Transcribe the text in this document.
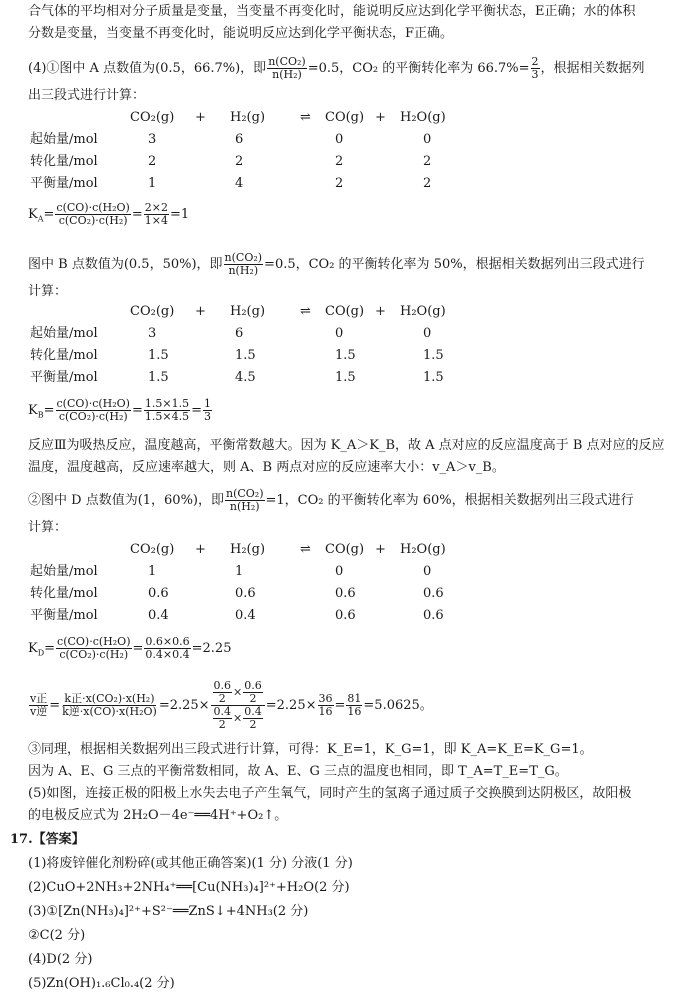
合气体的平均相对分子质量是变量，当变量不再变化时，能说明反应达到化学平衡状态，E正确；水的体积
分数是变量，当变量不再变化时，能说明反应达到化学平衡状态，F正确。
(4)①图中 A 点数值为(0.5，66.7%)，即 $\frac{\text{n(CO₂)}}{\text{n(H₂)}} =0.5$，CO₂ 的平衡转化率为 $66.7\%= \frac{2}{3}$ ，根据相关数据列
出三段式进行计算：
CO₂(g) + H₂(g)	⇌ CO(g) + H₂O(g)
起始量/mol	3	6	0	0
转化量/mol	2	2	2	2
平衡量/mol	1	4	2	2
$K_A= \frac{\text{c(CO)·c(H₂O)}}{\text{c(CO₂)·c(H₂)}} = \frac{2\times 2}{1\times 4} =1$
图中 B 点数值为(0.5，50%)，即 $\frac{\text{n(CO₂)}}{\text{n(H₂)}} =0.5$，CO₂ 的平衡转化率为 50%，根据相关数据列出三段式进行
计算：
CO₂(g) + H₂(g)	⇌ CO(g) + H₂O(g)
起始量/mol	3	6	0	0
转化量/mol	1.5	1.5	1.5	1.5
平衡量/mol	1.5	4.5	1.5	1.5
$K_B= \frac{\text{c(CO)·c(H₂O)}}{\text{c(CO₂)·c(H₂)}} = \frac{1.5\times 1.5}{1.5\times 4.5} = \frac{1}{3}$
反应Ⅲ为吸热反应，温度越高，平衡常数越大。因为 K_A＞K_B，故 A 点对应的反应温度高于 B 点对应的反应
温度，温度越高，反应速率越大，则 A、B 两点对应的反应速率大小：v_A＞v_B。
②图中 D 点数值为(1，60%)，即 $\frac{\text{n(CO₂)}}{\text{n(H₂)}} =1$，CO₂ 的平衡转化率为 60%，根据相关数据列出三段式进行
计算：
CO₂(g) + H₂(g)	⇌ CO(g) + H₂O(g)
起始量/mol	1	1	0	0
转化量/mol	0.6	0.6	0.6	0.6
平衡量/mol	0.4	0.4	0.6	0.6
$K_D= \frac{\text{c(CO)·c(H₂O)}}{\text{c(CO₂)·c(H₂)}} = \frac{0.6\times 0.6}{0.4\times 0.4} =2.25$
$\frac{\text{v正}}{\text{v逆}} = \frac{\text{k正·x(CO₂)·x(H₂)}}{\text{k逆·x(CO)·x(H₂O)}} =2.25\times \frac{\frac{0.6}{2} \times \frac{0.6}{2}}{\frac{0.4}{2} \times \frac{0.4}{2}} =2.25\times \frac{36}{16} = \frac{81}{16} =5.0625$。
③同理，根据相关数据列出三段式进行计算，可得：K_E=1，K_G=1，即 K_A=K_E=K_G=1。
因为 A、E、G 三点的平衡常数相同，故 A、E、G 三点的温度也相同，即 T_A=T_E=T_G。
(5)如图，连接正极的阳极上水失去电子产生氧气，同时产生的氢离子通过质子交换膜到达阴极区，故阳极
的电极反应式为 2H₂O－4e⁻══4H⁺+O₂↑。
17.【答案】
(1)将废锌催化剂粉碎(或其他正确答案)(1 分) 分液(1 分)
(2)CuO+2NH₃+2NH₄⁺══[Cu(NH₃)₄]²⁺+H₂O(2 分)
(3)①[Zn(NH₃)₄]²⁺+S²⁻══ZnS↓+4NH₃(2 分)
②C(2 分)
(4)D(2 分)
(5)Zn(OH)₁.₆Cl₀.₄(2 分)
